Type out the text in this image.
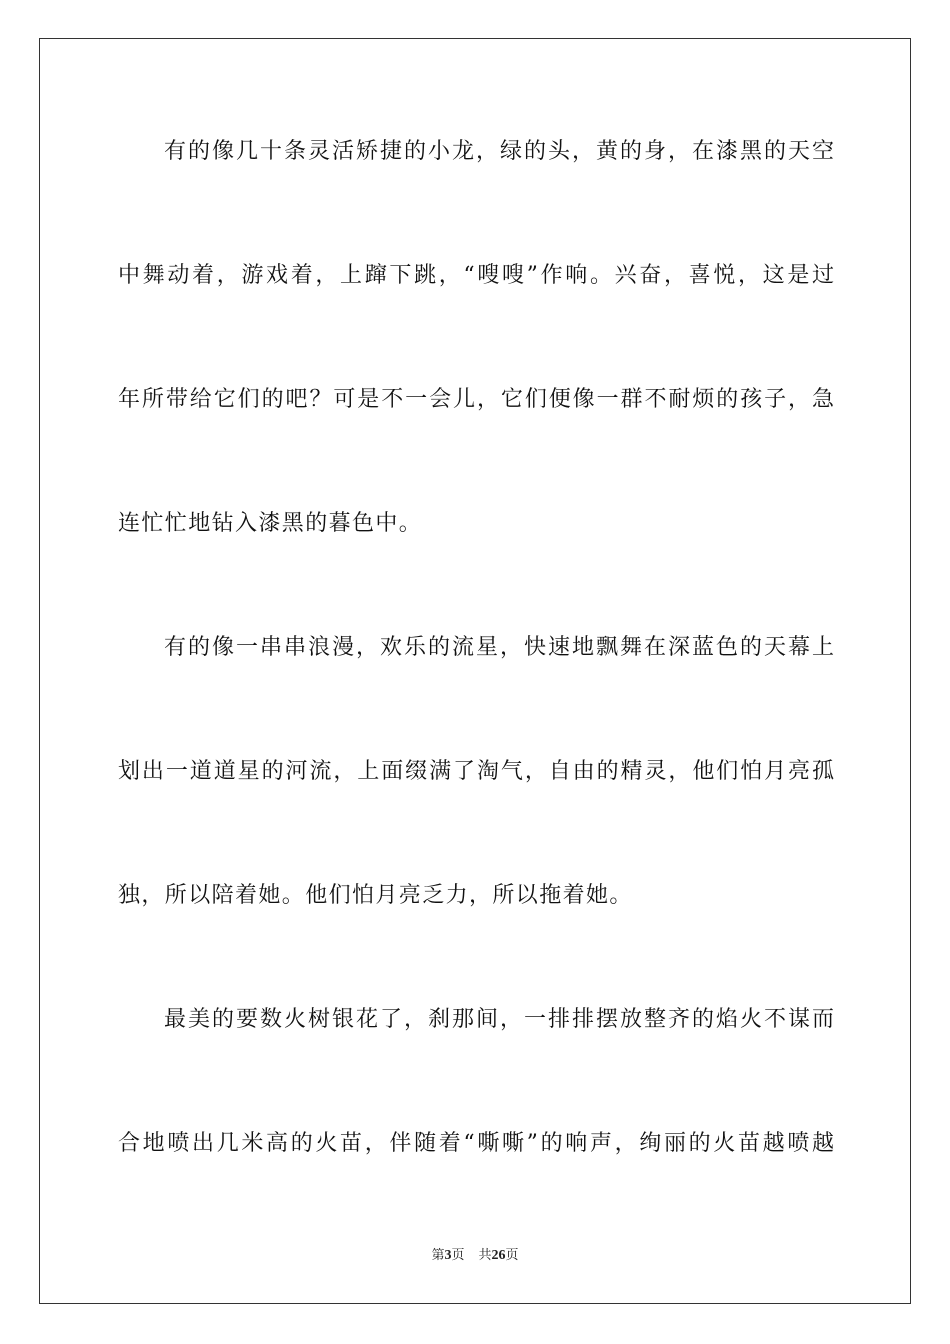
有的像几十条灵活矫捷的小龙，绿的头，黄的身，在漆黑的天空
中舞动着，游戏着，上蹿下跳，“嗖嗖”作响。兴奋，喜悦，这是过
年所带给它们的吧？可是不一会儿，它们便像一群不耐烦的孩子，急
连忙忙地钻入漆黑的暮色中。
有的像一串串浪漫，欢乐的流星，快速地飘舞在深蓝色的天幕上
划出一道道星的河流，上面缀满了淘气，自由的精灵，他们怕月亮孤
独，所以陪着她。他们怕月亮乏力，所以拖着她。
最美的要数火树银花了，刹那间，一排排摆放整齐的焰火不谋而
合地喷出几米高的火苗，伴随着“嘶嘶”的响声，绚丽的火苗越喷越
第3页 共26页
